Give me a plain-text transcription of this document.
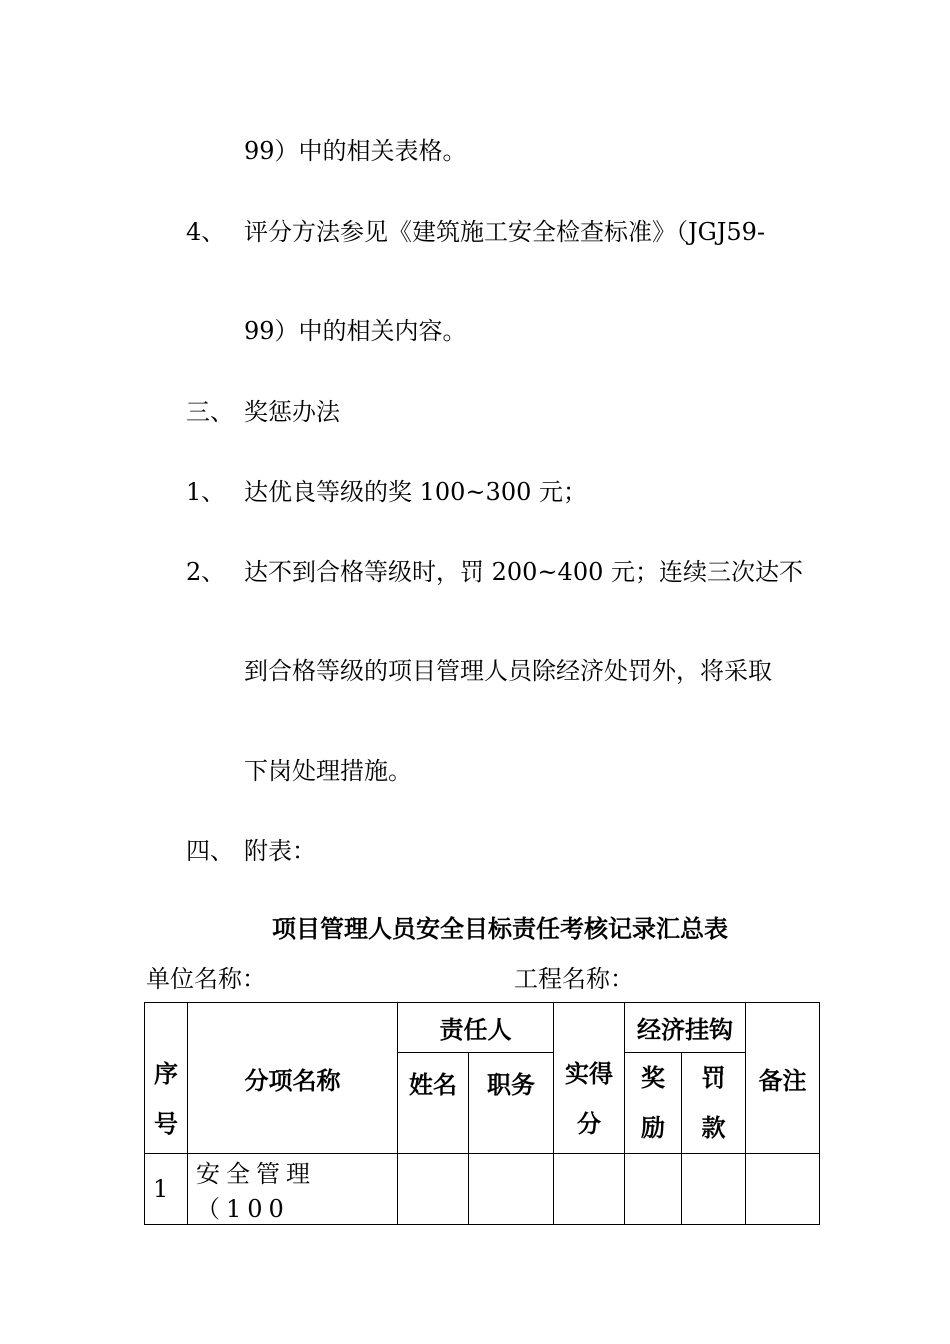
99）中的相关表格。
4、 评分方法参见《建筑施工安全检查标准》（JGJ59-
99）中的相关内容。
三、 奖惩办法
1、 达优良等级的奖 100~300 元；
2、 达不到合格等级时，罚 200~400 元；连续三次达不
到合格等级的项目管理人员除经济处罚外，将采取
下岗处理措施。
四、 附表：
项目管理人员安全目标责任考核记录汇总表
单位名称：	工程名称：
序号	分项名称	责任人		实得分	经济挂钩		备注
		姓名	职务		奖励	罚款	

1	安全管理（100						
